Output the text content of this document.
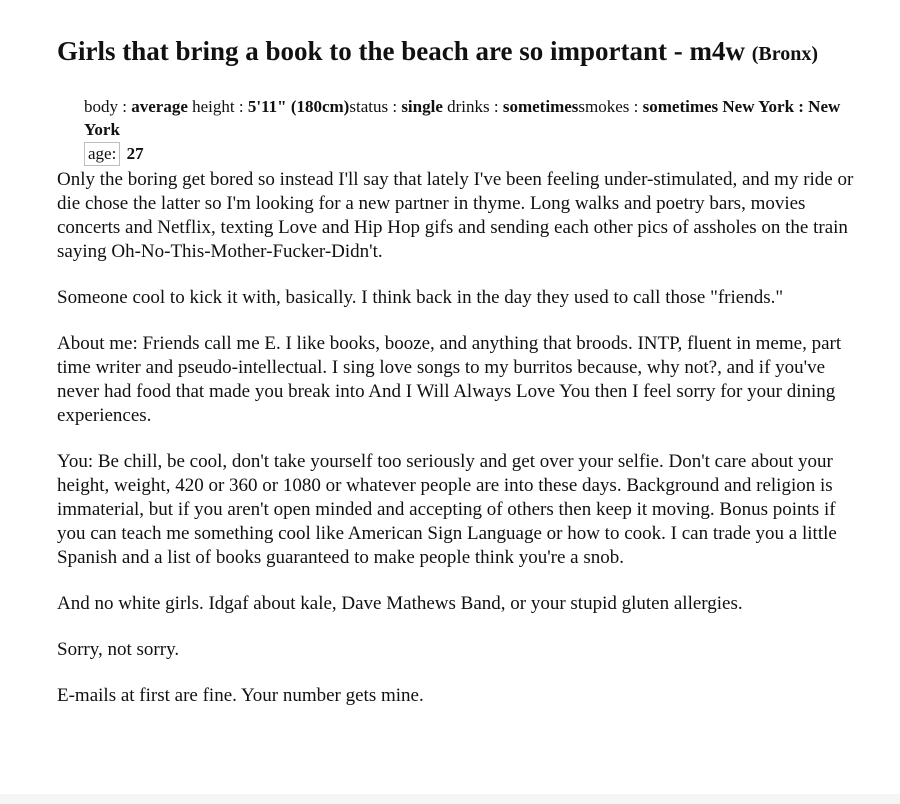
Girls that bring a book to the beach are so important - m4w (Bronx)
body : average height : 5'11" (180cm)status : single drinks : sometimessmokes : sometimes New York : New York
age: 27

Only the boring get bored so instead I'll say that lately I've been feeling under-stimulated, and my ride or die chose the latter so I'm looking for a new partner in thyme. Long walks and poetry bars, movies concerts and Netflix, texting Love and Hip Hop gifs and sending each other pics of assholes on the train saying Oh-No-This-Mother-Fucker-Didn't.

Someone cool to kick it with, basically. I think back in the day they used to call those "friends."

About me: Friends call me E. I like books, booze, and anything that broods. INTP, fluent in meme, part time writer and pseudo-intellectual. I sing love songs to my burritos because, why not?, and if you've never had food that made you break into And I Will Always Love You then I feel sorry for your dining experiences.

You: Be chill, be cool, don't take yourself too seriously and get over your selfie. Don't care about your height, weight, 420 or 360 or 1080 or whatever people are into these days. Background and religion is immaterial, but if you aren't open minded and accepting of others then keep it moving. Bonus points if you can teach me something cool like American Sign Language or how to cook. I can trade you a little Spanish and a list of books guaranteed to make people think you're a snob.

And no white girls. Idgaf about kale, Dave Mathews Band, or your stupid gluten allergies.

Sorry, not sorry.

E-mails at first are fine. Your number gets mine.
